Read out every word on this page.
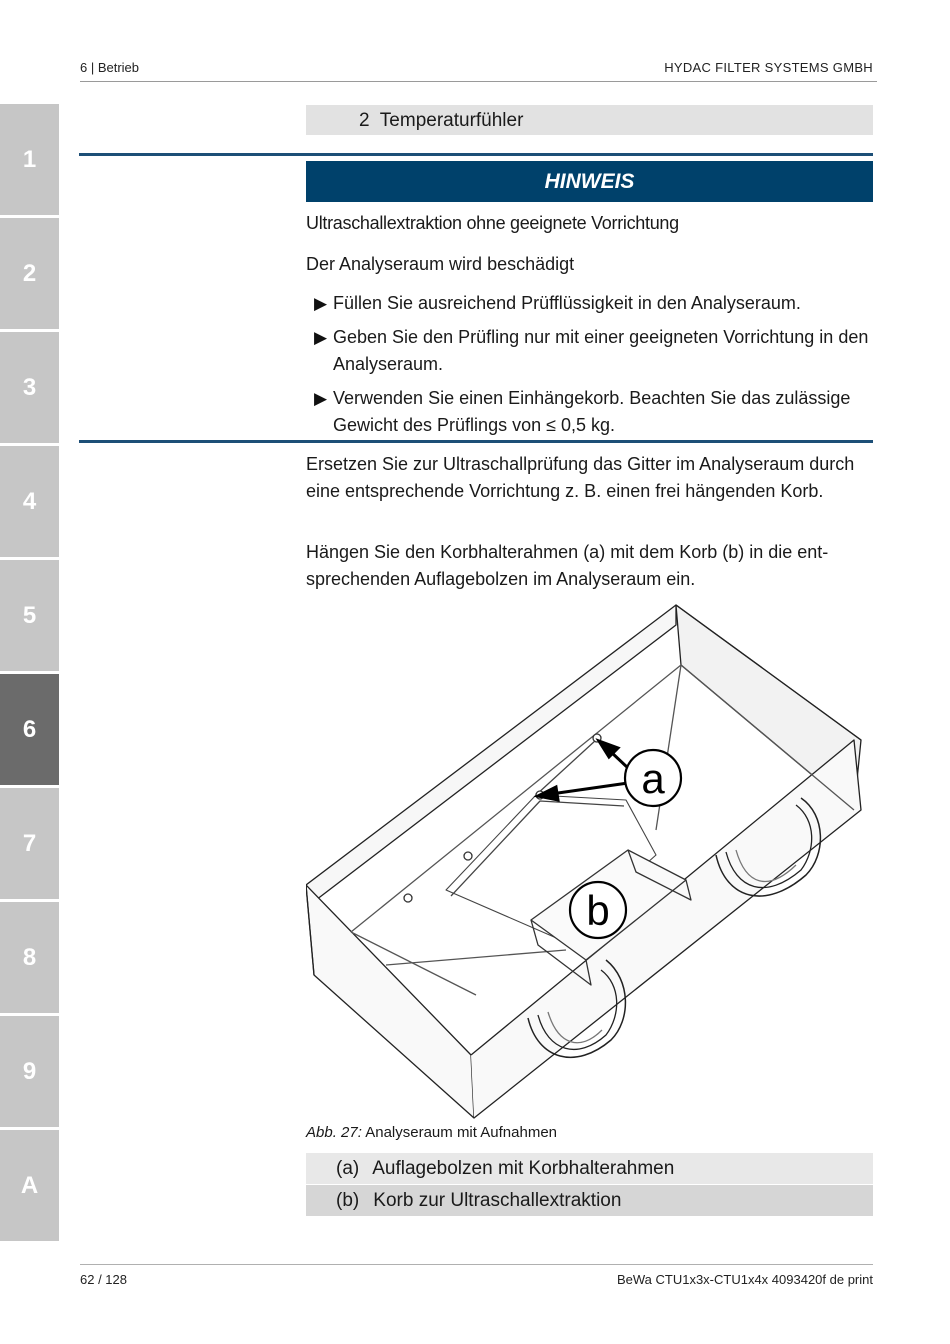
6 | Betrieb	HYDAC FILTER SYSTEMS GMBH
1
2
3
4
5
6
7
8
9
A
2 Temperaturfühler
HINWEIS
Ultraschallextraktion ohne geeignete Vorrichtung
Der Analyseraum wird beschädigt
▶ Füllen Sie ausreichend Prüfflüssigkeit in den Analyseraum.
▶ Geben Sie den Prüfling nur mit einer geeigneten Vorrichtung in den Analyseraum.
▶ Verwenden Sie einen Einhängekorb. Beachten Sie das zulässige Gewicht des Prüflings von ≤ 0,5 kg.
Ersetzen Sie zur Ultraschallprüfung das Gitter im Analyseraum durch eine entsprechende Vorrichtung z. B. einen frei hängenden Korb.
Hängen Sie den Korbhalterahmen (a) mit dem Korb (b) in die entsprechenden Auflagebolzen im Analyseraum ein.
a
b
Abb. 27: Analyseraum mit Aufnahmen
(a) Auflagebolzen mit Korbhalterahmen
(b) Korb zur Ultraschallextraktion
62 / 128	BeWa CTU1x3x-CTU1x4x 4093420f de print
